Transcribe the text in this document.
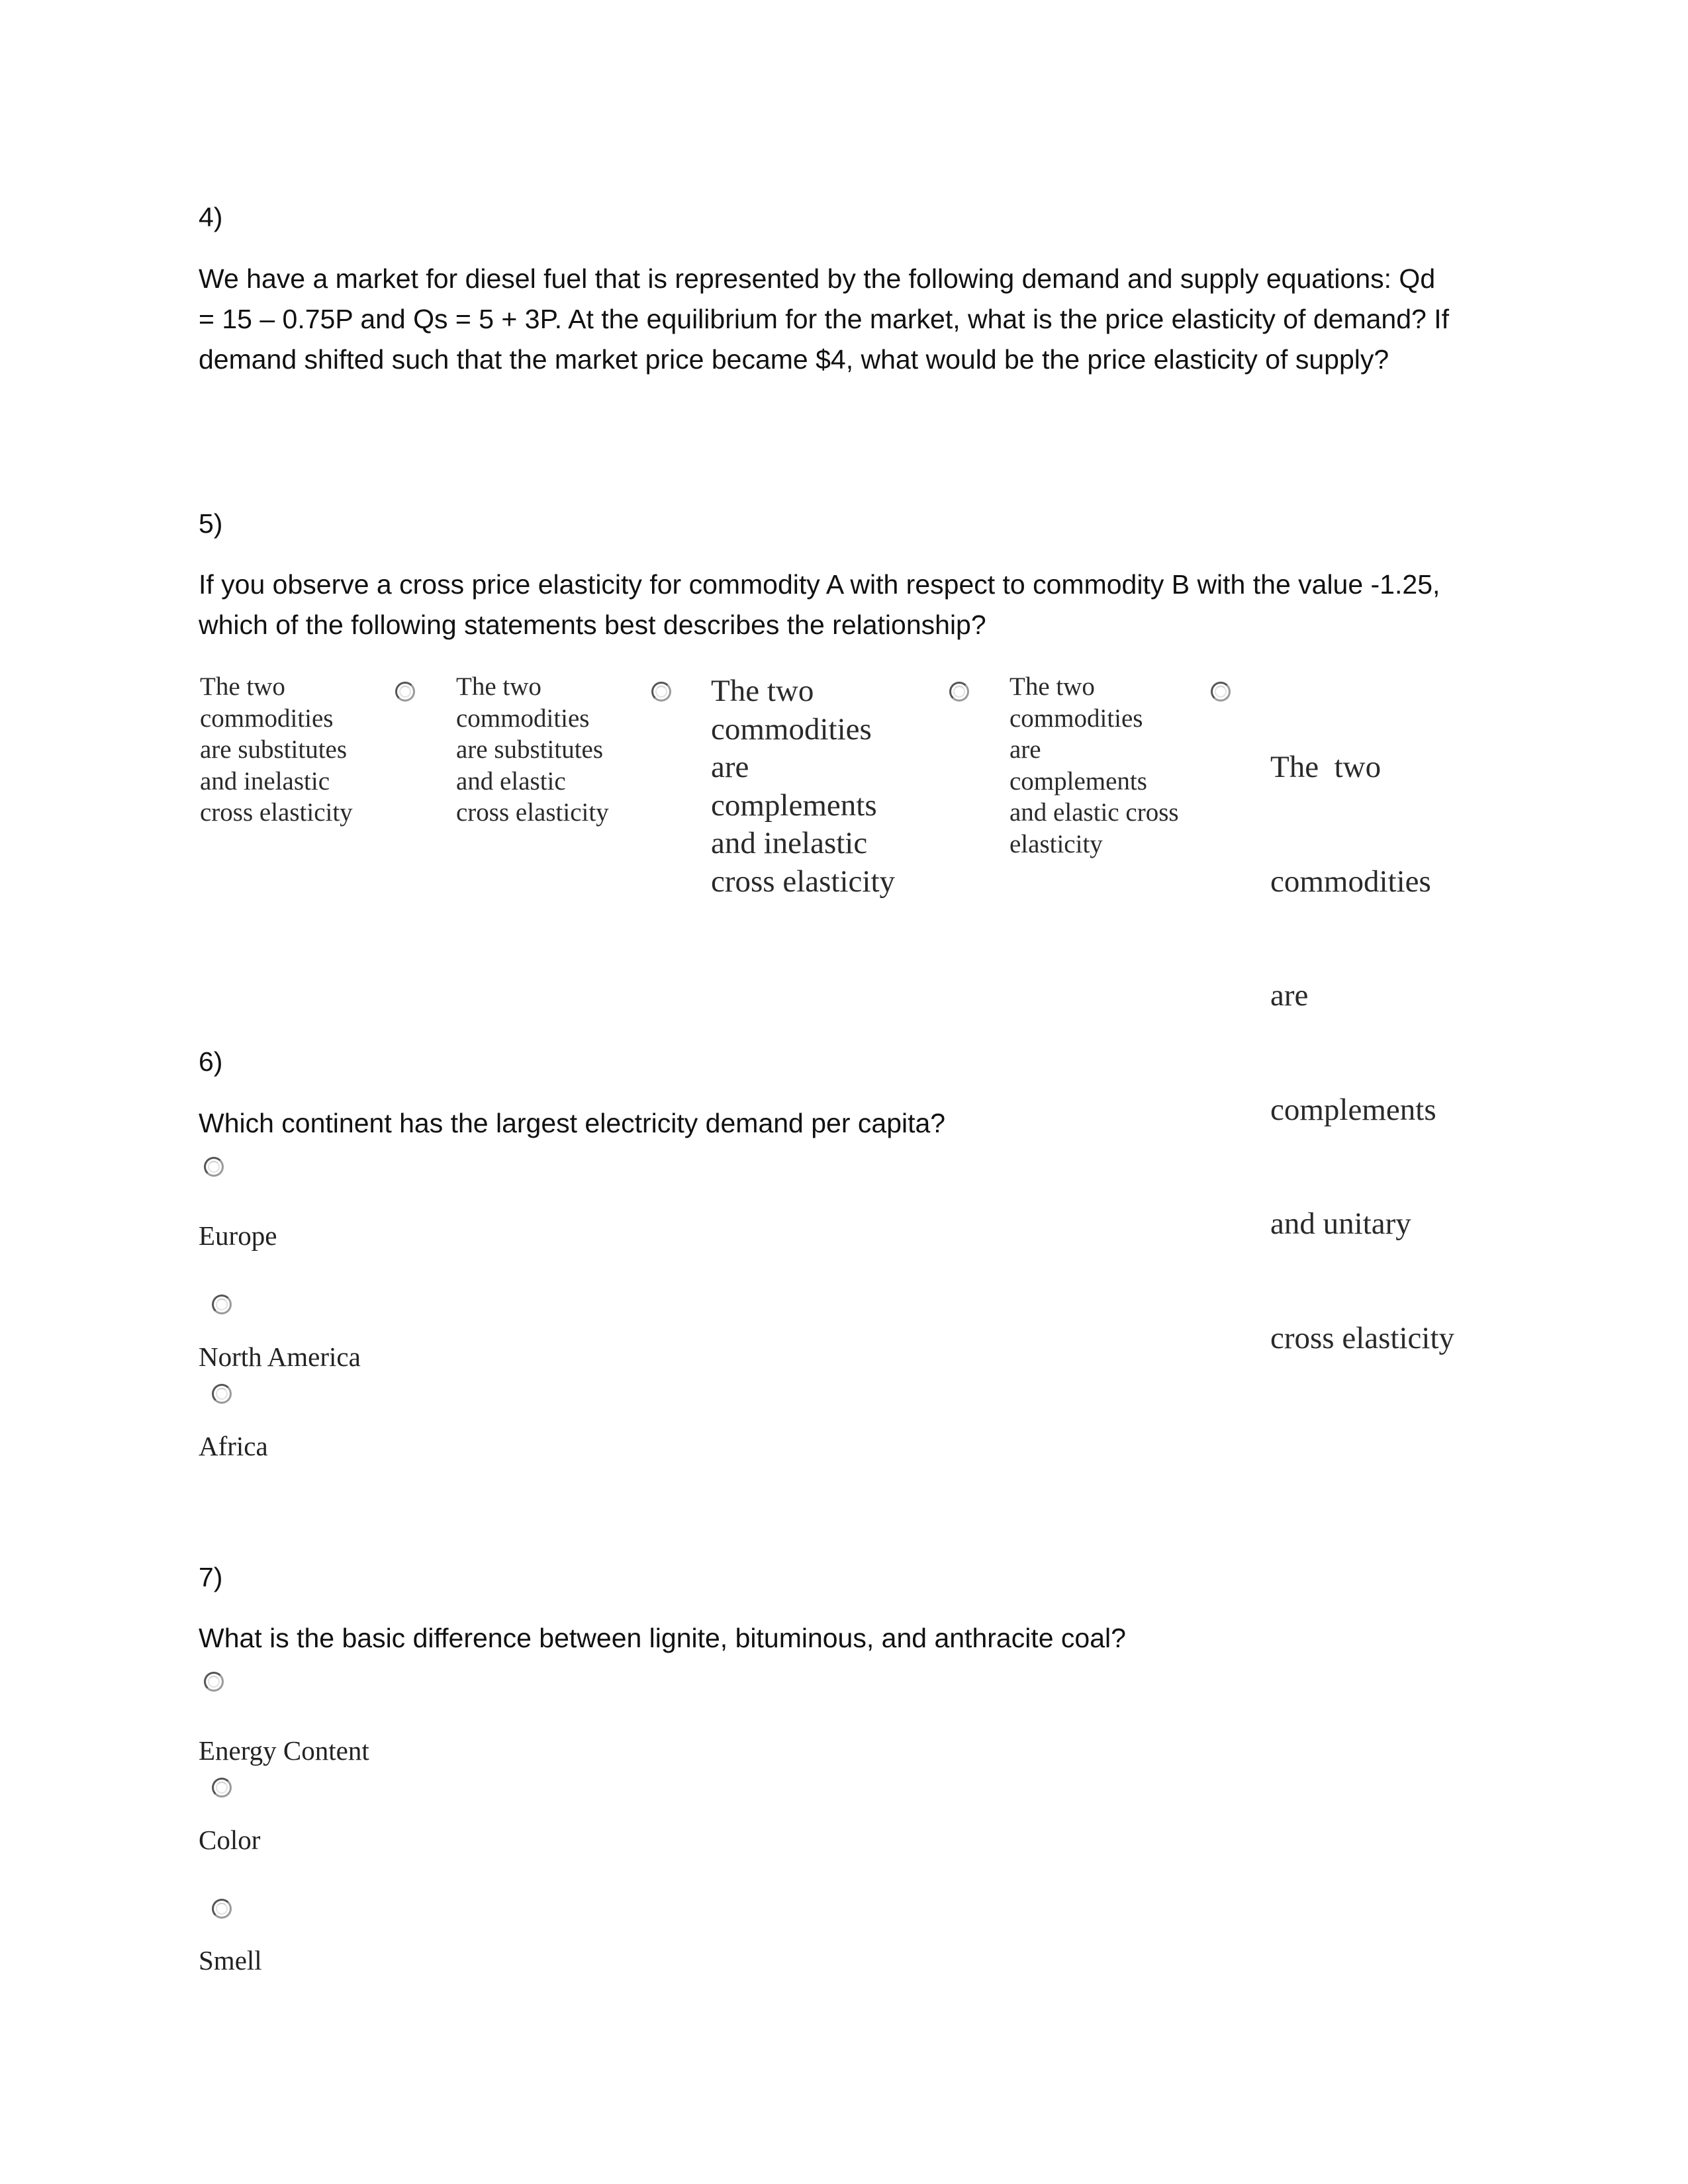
4)
We have a market for diesel fuel that is represented by the following demand and supply equations: Qd
= 15 – 0.75P and Qs = 5 + 3P. At the equilibrium for the market, what is the price elasticity of demand? If
demand shifted such that the market price became $4, what would be the price elasticity of supply?
5)
If you observe a cross price elasticity for commodity A with respect to commodity B with the value -1.25,
which of the following statements best describes the relationship?
The two
commodities
are substitutes
and inelastic
cross elasticity
The two
commodities
are substitutes
and elastic
cross elasticity
The two
commodities
are
complements
and inelastic
cross elasticity
The two
commodities
are
complements
and elastic cross
elasticity

The  two

commodities

are

complements

and unitary

cross elasticity

6)
Which continent has the largest electricity demand per capita?
Europe
North America
Africa
7)
What is the basic difference between lignite, bituminous, and anthracite coal?
Energy Content
Color
Smell
